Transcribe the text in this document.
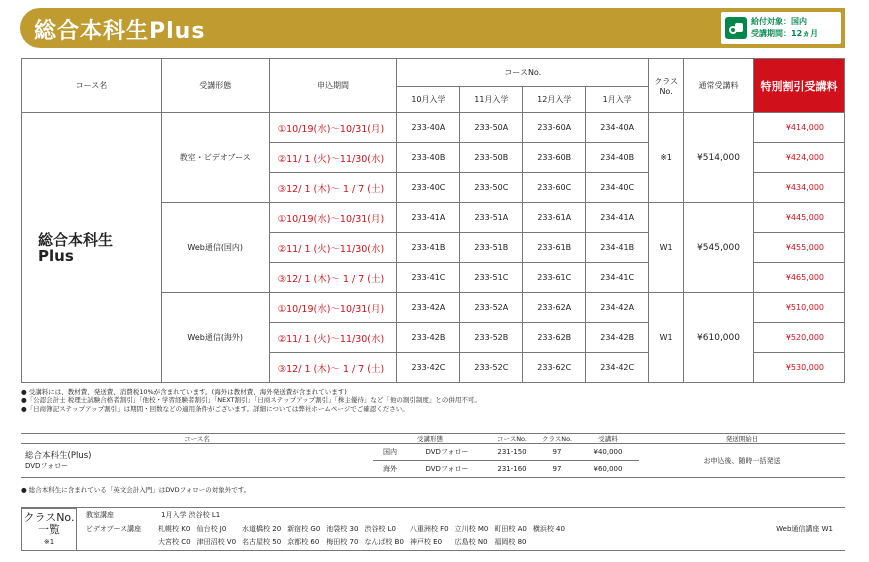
総合本科生Plus	給付対象：国内
受講期間：12ヵ月
コース名	受講形態	申込期間	コースNo.				クラス No.	通常受講料	特別割引受講料
			10月入学	11月入学	12月入学	1月入学			

総合本科生
Plus	教室・ビデオブース	①10/19(水)～10/31(月)	233-40A	233-50A	233-60A	234-40A	※1	¥514,000	¥414,000
		②11/ 1 (火)～11/30(水)	233-40B	233-50B	233-60B	234-40B			¥424,000
		③12/ 1 (木)～ 1 / 7 (土)	233-40C	233-50C	233-60C	234-40C			¥434,000
	Web通信(国内)	①10/19(水)～10/31(月)	233-41A	233-51A	233-61A	234-41A	W1	¥545,000	¥445,000
		②11/ 1 (火)～11/30(水)	233-41B	233-51B	233-61B	234-41B			¥455,000
		③12/ 1 (木)～ 1 / 7 (土)	233-41C	233-51C	233-61C	234-41C			¥465,000
	Web通信(海外)	①10/19(水)～10/31(月)	233-42A	233-52A	233-62A	234-42A	W1	¥610,000	¥510,000
		②11/ 1 (火)～11/30(水)	233-42B	233-52B	233-62B	234-42B			¥520,000
		③12/ 1 (木)～ 1 / 7 (土)	233-42C	233-52C	233-62C	234-42C			¥530,000
● 受講料には、教材費、発送費、消費税10%が含まれています。(海外は教材費、海外発送費が含まれています)
●「公認会計士 税理士試験合格者割引」「他校・学習経験者割引」「NEXT割引」「日商ステップアップ割引」「株主優待」など「他の割引制度」との併用不可。
●「日商簿記ステップアップ割引」は期間・回数などの適用条件がございます。詳細については弊社ホームページでご確認ください。
コース名	受講形態		コースNo.	クラスNo.	受講料	発送開始日

総合本科生(Plus)
DVDフォロー	国内	DVDフォロー	231-150	97	¥40,000	お申込後、随時一括発送
	海外	DVDフォロー	231-160	97	¥60,000	
● 総合本科生に含まれている「英文会計入門」はDVDフォローの対象外です。
クラスNo.
一覧
※1
教室講座	1月入学 渋谷校 L1
ビデオブース講座	札幌校 K0	仙台校 J0	水道橋校 20	新宿校 G0	池袋校 30	渋谷校 L0	八重洲校 F0	立川校 M0	町田校 A0	横浜校 40
	大宮校 C0	津田沼校 V0	名古屋校 50	京都校 60	梅田校 70	なんば校 B0	神戸校 E0	広島校 N0	福岡校 80	
Web通信講座 W1
